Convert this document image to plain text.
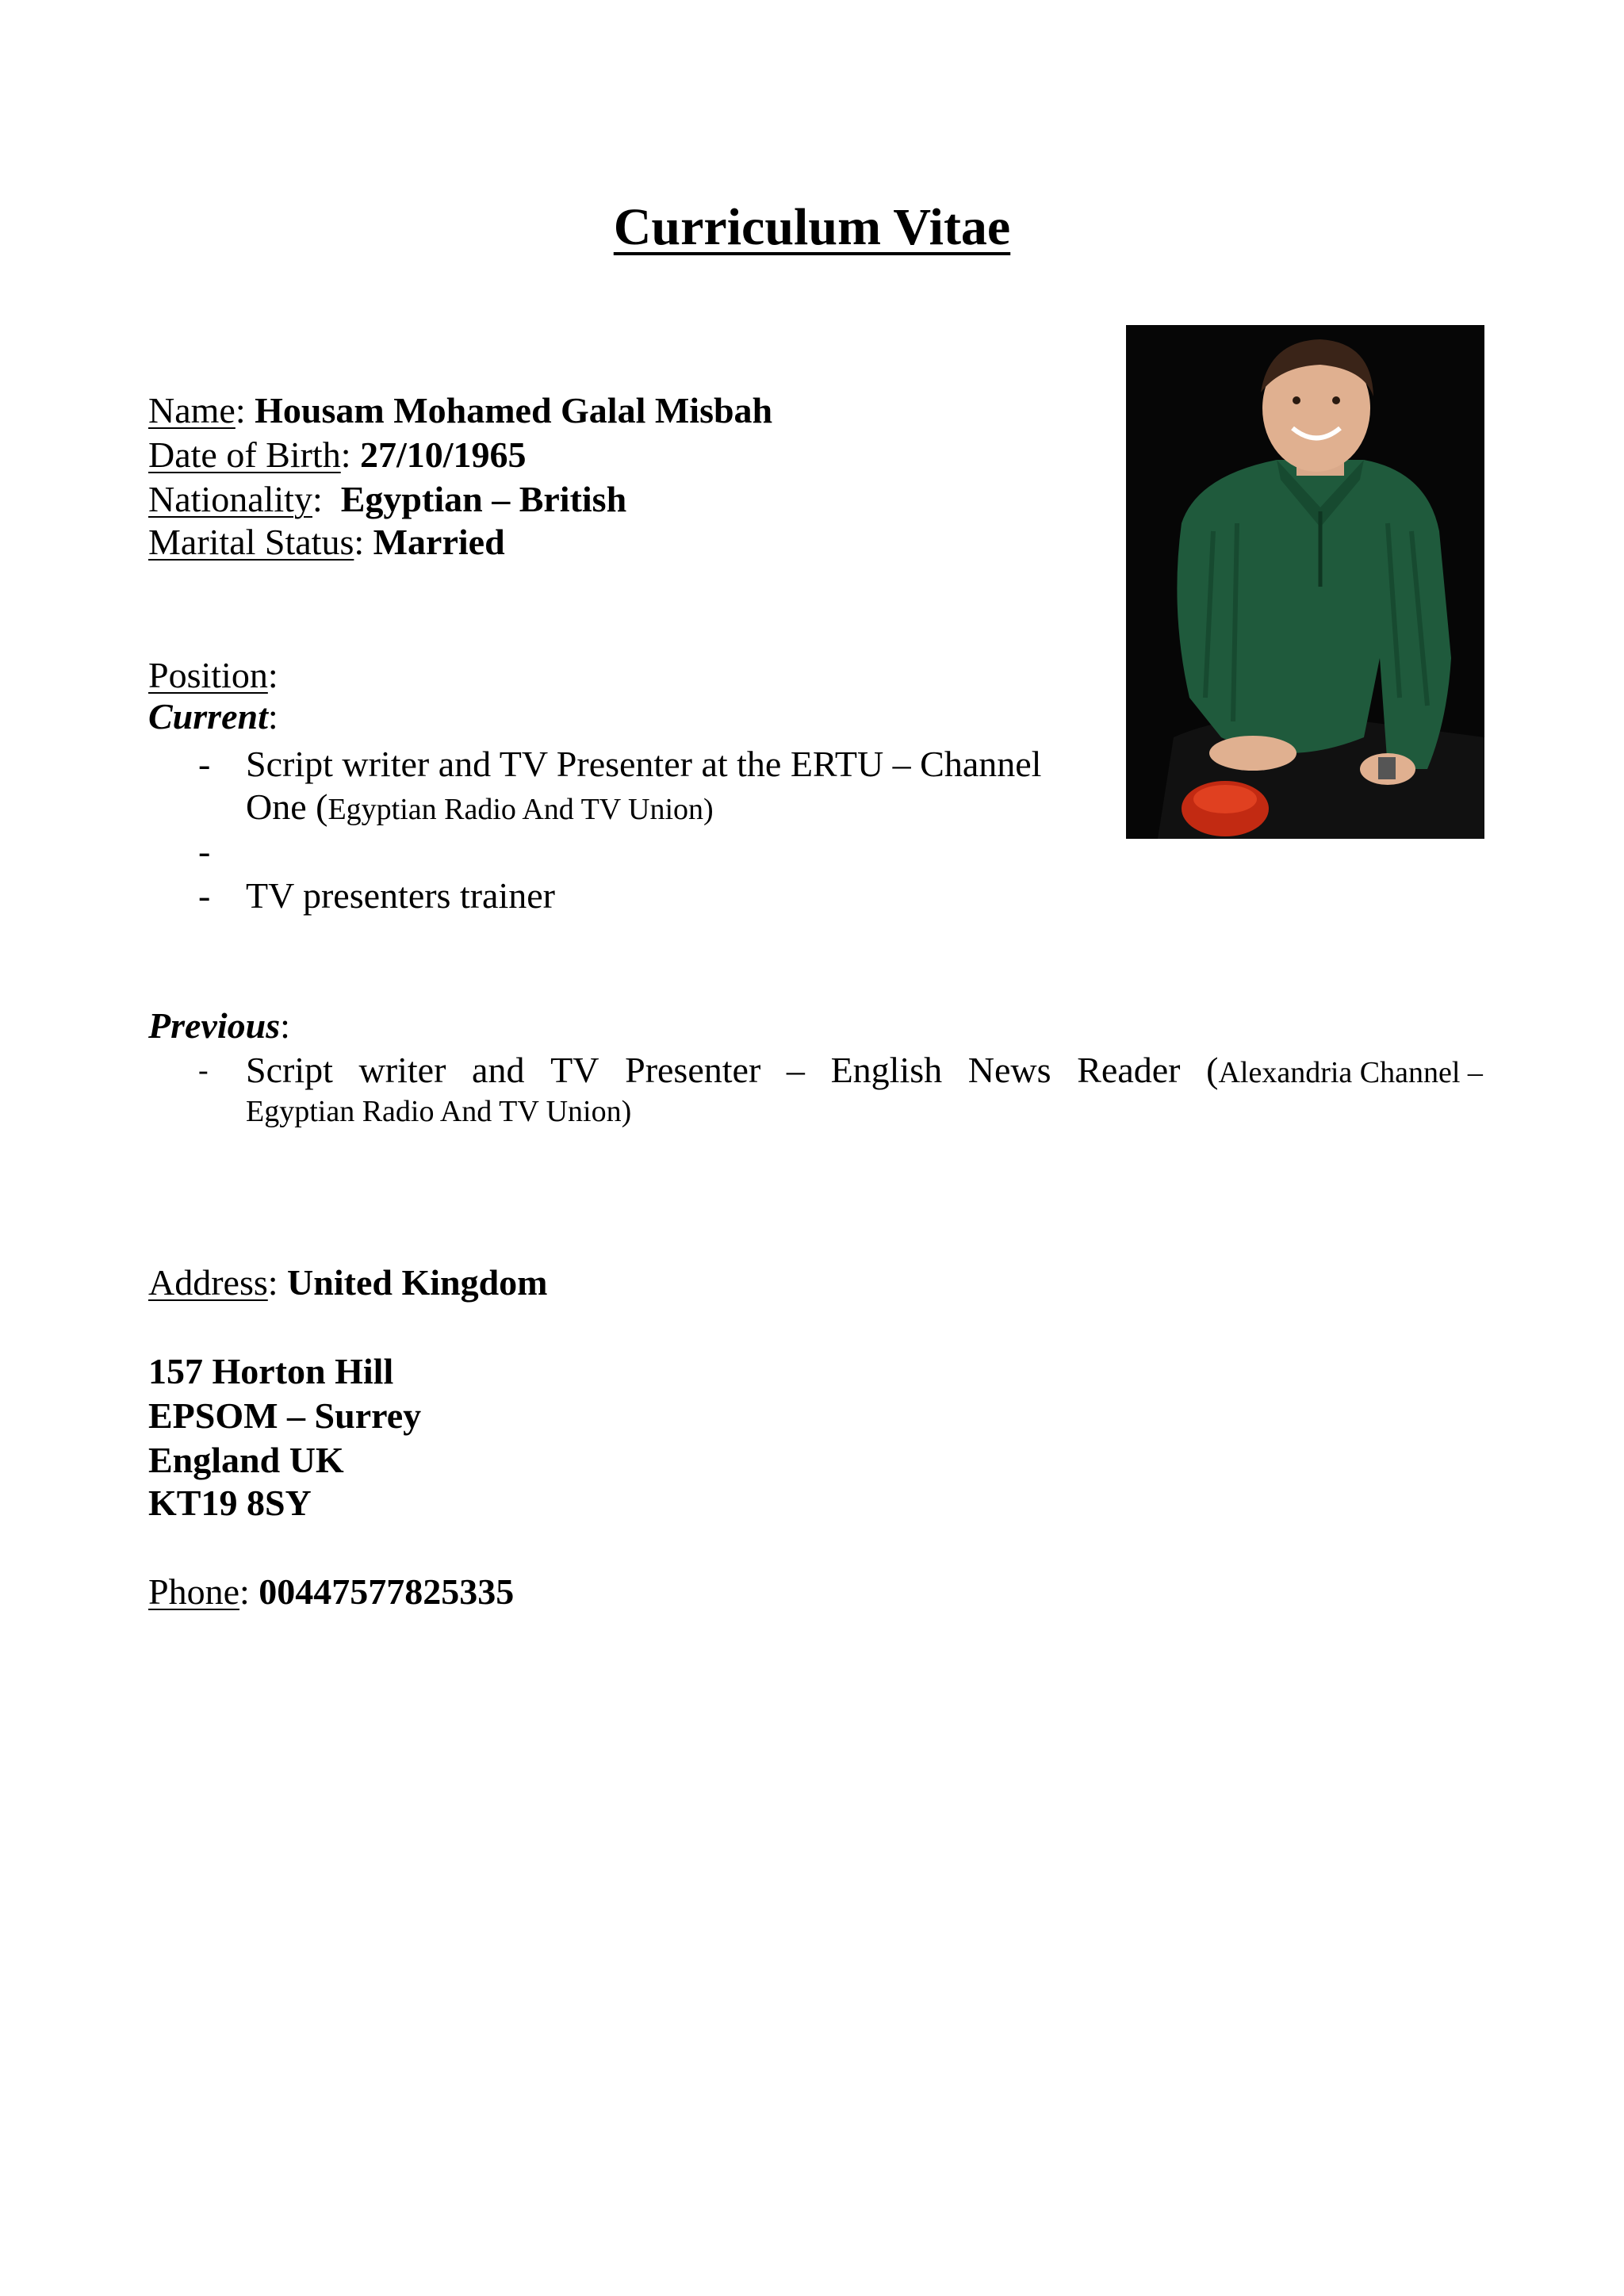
Curriculum Vitae

Name: Housam Mohamed Galal Misbah

Date of Birth: 27/10/1965

Nationality:  Egyptian – British

Marital Status: Married

Position:

Current:

- Script writer and TV Presenter at the ERTU – Channel
One (Egyptian Radio And TV Union)
-
- TV presenters trainer

Previous:

- Script writer and TV Presenter – English News Reader (Alexandria Channel –
Egyptian Radio And TV Union)

Address: United Kingdom

157 Horton Hill

EPSOM – Surrey

England UK

KT19 8SY

Phone: 00447577825335
